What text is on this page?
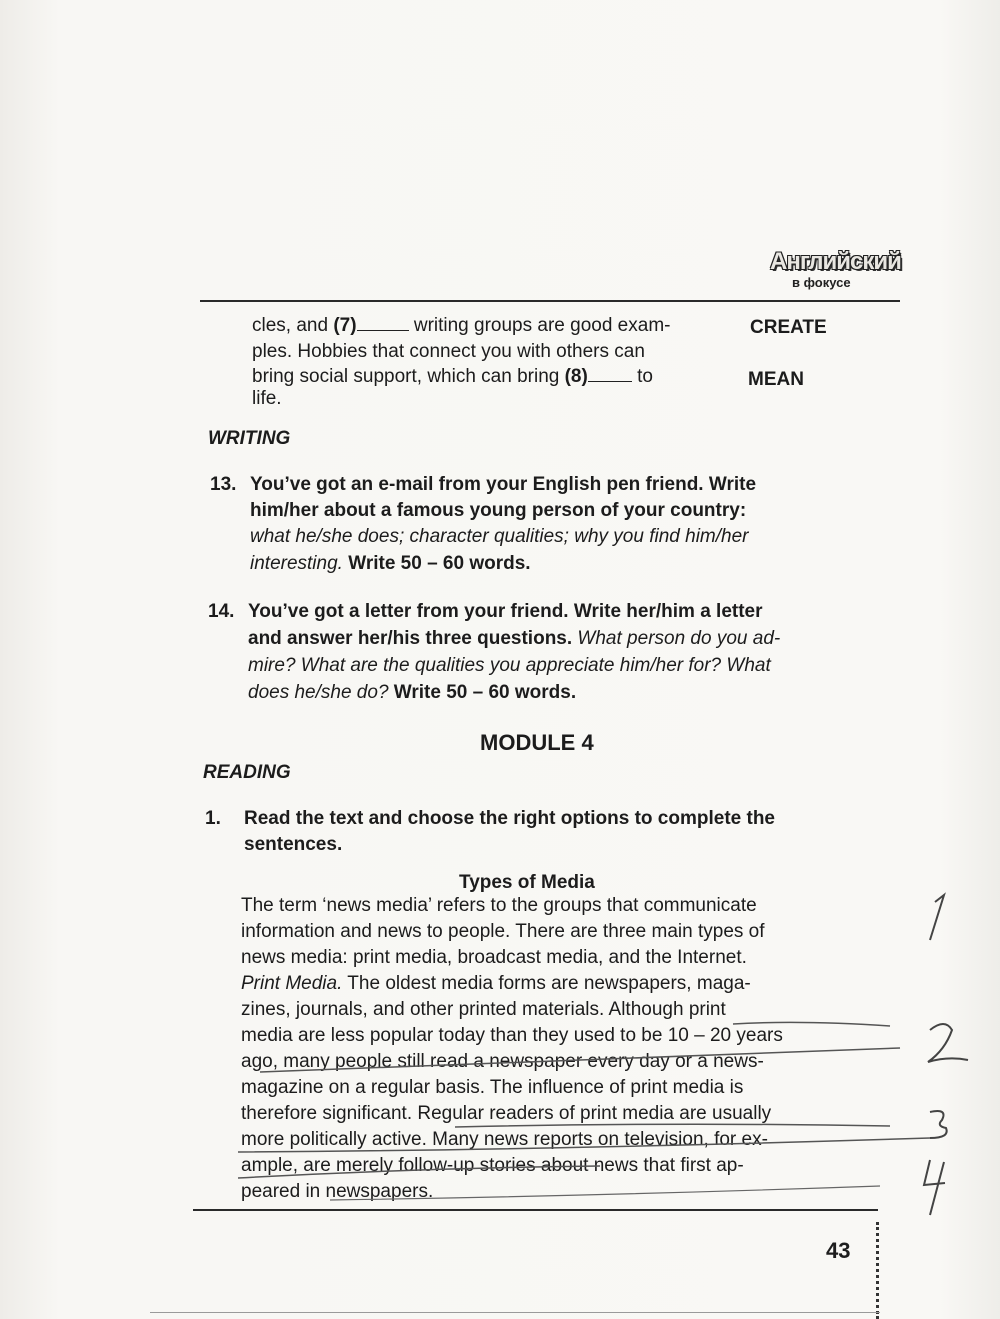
Английский
в фокусе
cles, and (7)	writing groups are good exam-	CREATE
ples. Hobbies that connect you with others can
bring social support, which can bring (8) to	MEAN
life.
WRITING
13. You’ve got an e-mail from your English pen friend. Write
him/her about a famous young person of your country:
what he/she does; character qualities; why you find him/her
interesting. Write 50 – 60 words.
14. You’ve got a letter from your friend. Write her/him a letter
and answer her/his three questions. What person do you ad-
mire? What are the qualities you appreciate him/her for? What
does he/she do? Write 50 – 60 words.
MODULE 4
READING
1. Read the text and choose the right options to complete the
sentences.
Types of Media
The term ‘news media’ refers to the groups that communicate
information and news to people. There are three main types of
news media: print media, broadcast media, and the Internet.
Print Media. The oldest media forms are newspapers, maga-
zines, journals, and other printed materials. Although print
media are less popular today than they used to be 10 – 20 years
ago, many people still read a newspaper every day or a news-
magazine on a regular basis. The influence of print media is
therefore significant. Regular readers of print media are usually
more politically active. Many news reports on television, for ex-
ample, are merely follow-up stories about news that first ap-
peared in newspapers.
43
